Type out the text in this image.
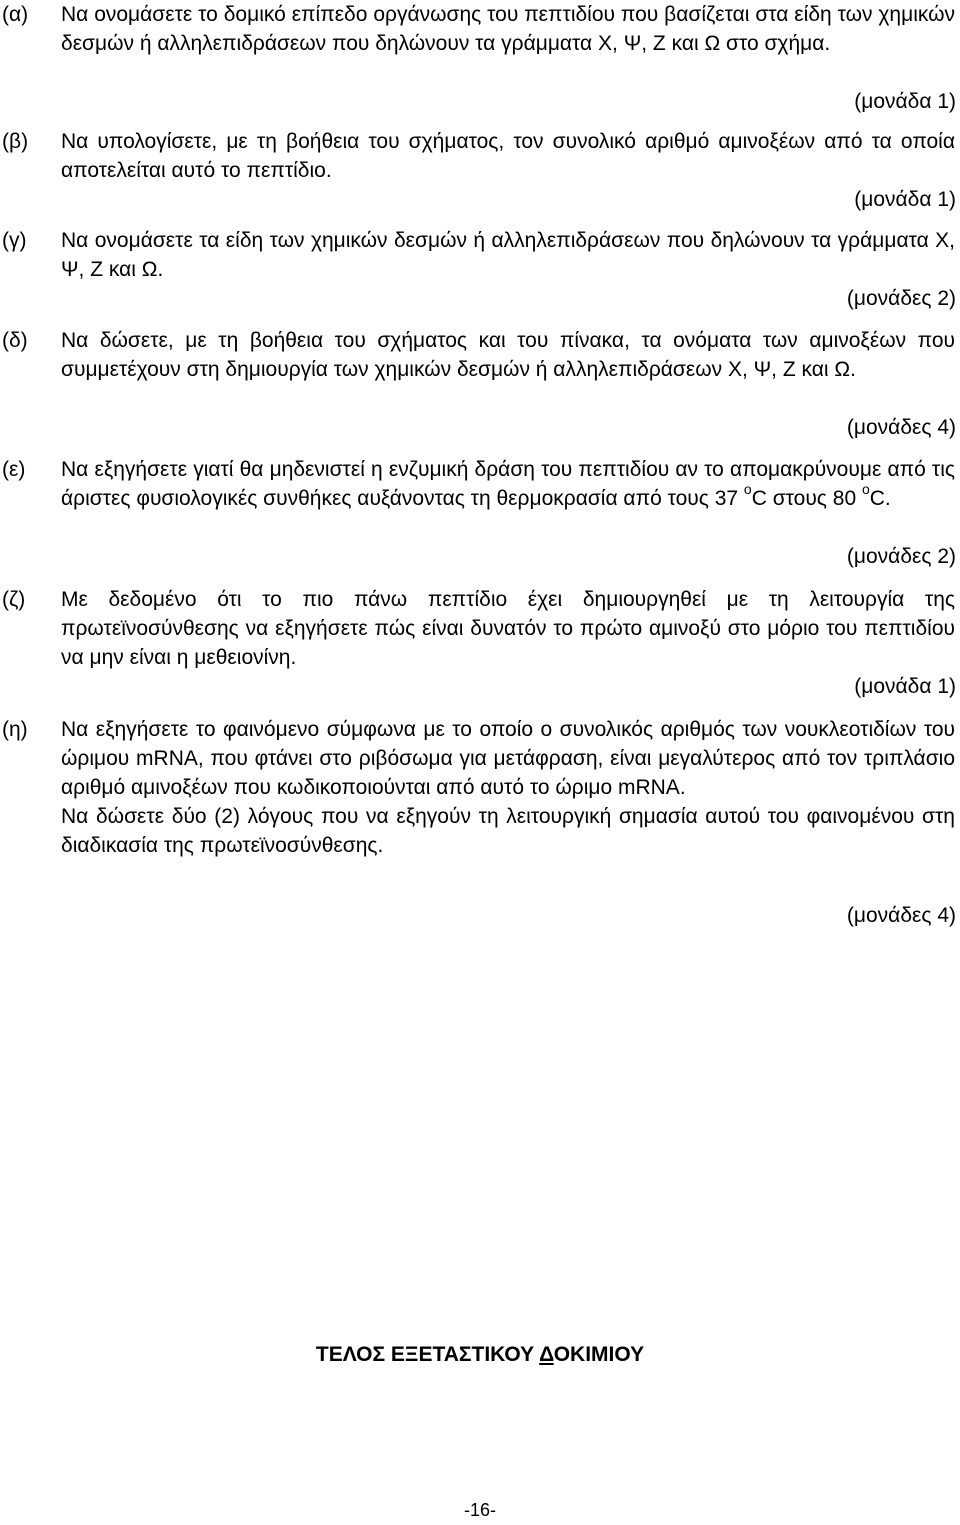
(α) Να ονομάσετε το δομικό επίπεδο οργάνωσης του πεπτιδίου που βασίζεται στα είδη των χημικών δεσμών ή αλληλεπιδράσεων που δηλώνουν τα γράμματα Χ, Ψ, Ζ και Ω στο σχήμα.

(μονάδα 1)
(β) Να υπολογίσετε, με τη βοήθεια του σχήματος, τον συνολικό αριθμό αμινοξέων από τα οποία αποτελείται αυτό το πεπτίδιο.

(μονάδα 1)
(γ) Να ονομάσετε τα είδη των χημικών δεσμών ή αλληλεπιδράσεων που δηλώνουν τα γράμματα Χ, Ψ, Ζ και Ω.

(μονάδες 2)
(δ) Να δώσετε, με τη βοήθεια του σχήματος και του πίνακα, τα ονόματα των αμινοξέων που συμμετέχουν στη δημιουργία των χημικών δεσμών ή αλληλεπιδράσεων Χ, Ψ, Ζ και Ω.

(μονάδες 4)
(ε) Να εξηγήσετε γιατί θα μηδενιστεί η ενζυμική δράση του πεπτιδίου αν το απομακρύνουμε από τις άριστες φυσιολογικές συνθήκες αυξάνοντας τη θερμοκρασία από τους 37 $^o$C στους 80 $^o$C.

(μονάδες 2)
(ζ) Με δεδομένο ότι το πιο πάνω πεπτίδιο έχει δημιουργηθεί με τη λειτουργία της πρωτεϊνοσύνθεσης να εξηγήσετε πώς είναι δυνατόν το πρώτο αμινοξύ στο μόριο του πεπτιδίου να μην είναι η μεθειονίνη.

(μονάδα 1)
(η) Να εξηγήσετε το φαινόμενο σύμφωνα με το οποίο ο συνολικός αριθμός των νουκλεοτιδίων του ώριμου mRNA, που φτάνει στο ριβόσωμα για μετάφραση, είναι μεγαλύτερος από τον τριπλάσιο αριθμό αμινοξέων που κωδικοποιούνται από αυτό το ώριμο mRNA.

Να δώσετε δύο (2) λόγους που να εξηγούν τη λειτουργική σημασία αυτού του φαινομένου στη διαδικασία της πρωτεϊνοσύνθεσης.

(μονάδες 4)
ΤΕΛΟΣ ΕΞΕΤΑΣΤΙΚΟΥ ΔΟΚΙΜΙΟΥ
-16-
